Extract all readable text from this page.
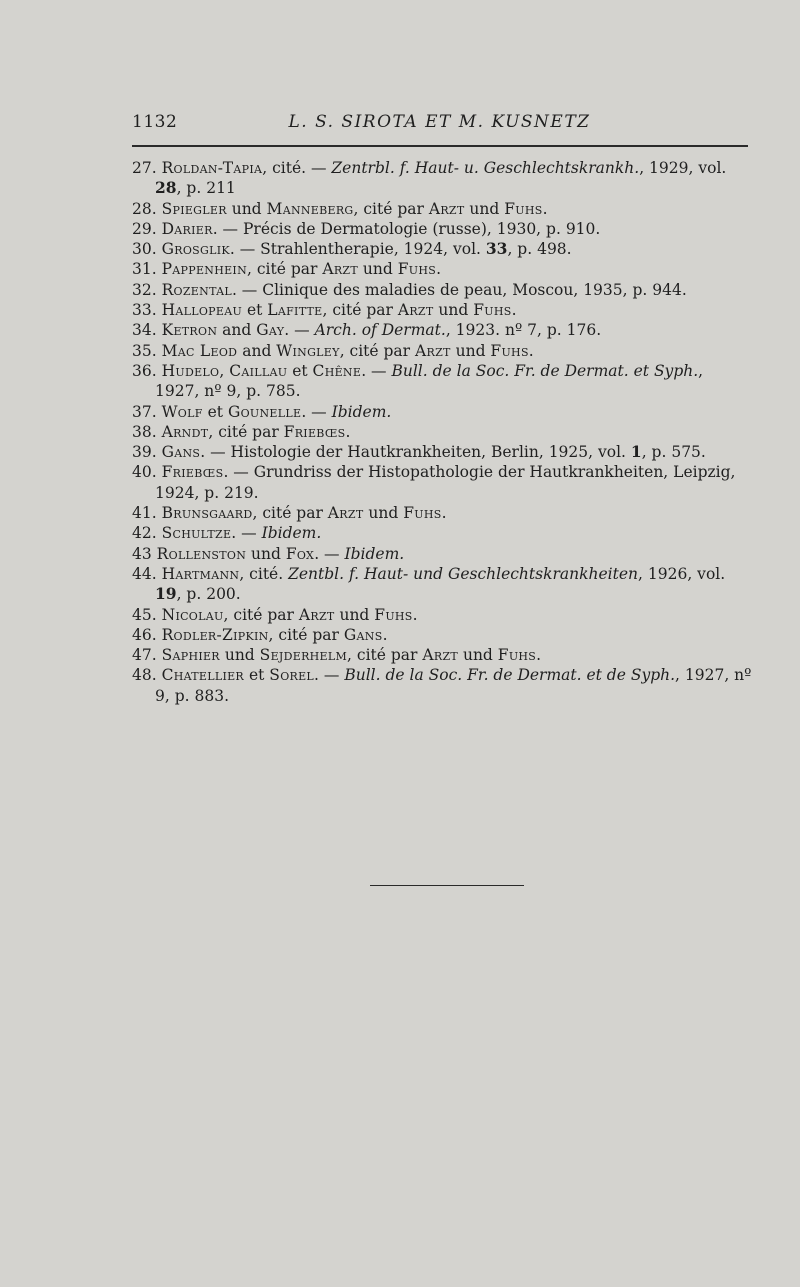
1132	L. S. SIROTA ET M. KUSNETZ
27. Roldan-Tapia, cité. — Zentrbl. f. Haut- u. Geschlechtskrankh., 1929, vol. 28, p. 211
28. Spiegler und Manneberg, cité par Arzt und Fuhs.
29. Darier. — Précis de Dermatologie (russe), 1930, p. 910.
30. Grosglik. — Strahlentherapie, 1924, vol. 33, p. 498.
31. Pappenhein, cité par Arzt und Fuhs.
32. Rozental. — Clinique des maladies de peau, Moscou, 1935, p. 944.
33. Hallopeau et Lafitte, cité par Arzt und Fuhs.
34. Ketron and Gay. — Arch. of Dermat., 1923. nº 7, p. 176.
35. Mac Leod and Wingley, cité par Arzt und Fuhs.
36. Hudelo, Caillau et Chêne. — Bull. de la Soc. Fr. de Dermat. et Syph., 1927, nº 9, p. 785.
37. Wolf et Gounelle. — Ibidem.
38. Arndt, cité par Friebœs.
39. Gans. — Histologie der Hautkrankheiten, Berlin, 1925, vol. 1, p. 575.
40. Friebœs. — Grundriss der Histopathologie der Hautkrankheiten, Leipzig, 1924, p. 219.
41. Brunsgaard, cité par Arzt und Fuhs.
42. Schultze. — Ibidem.
43 Rollenston und Fox. — Ibidem.
44. Hartmann, cité. Zentbl. f. Haut- und Geschlechtskrankheiten, 1926, vol. 19, p. 200.
45. Nicolau, cité par Arzt und Fuhs.
46. Rodler-Zipkin, cité par Gans.
47. Saphier und Sejderhelm, cité par Arzt und Fuhs.
48. Chatellier et Sorel. — Bull. de la Soc. Fr. de Dermat. et de Syph., 1927, nº 9, p. 883.
